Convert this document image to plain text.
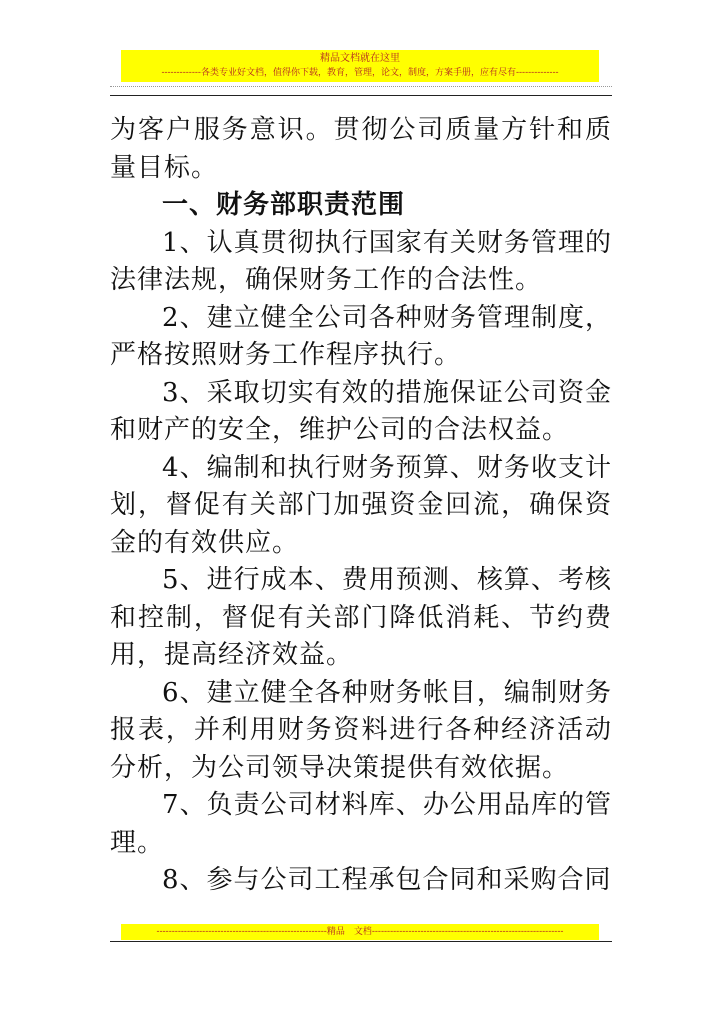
精品文档就在这里
-------------各类专业好文档，值得你下载，教育，管理，论文，制度，方案手册，应有尽有--------------

为客户服务意识。贯彻公司质量方针和质量目标。

一、财务部职责范围

1、认真贯彻执行国家有关财务管理的法律法规，确保财务工作的合法性。

2、建立健全公司各种财务管理制度，严格按照财务工作程序执行。

3、采取切实有效的措施保证公司资金和财产的安全，维护公司的合法权益。

4、编制和执行财务预算、财务收支计划，督促有关部门加强资金回流，确保资金的有效供应。

5、进行成本、费用预测、核算、考核和控制，督促有关部门降低消耗、节约费用，提高经济效益。

6、建立健全各种财务帐目，编制财务报表，并利用财务资料进行各种经济活动分析，为公司领导决策提供有效依据。

7、负责公司材料库、办公用品库的管理。

8、参与公司工程承包合同和采购合同

--------------------------------------------------------精品　文档---------------------------------------------------------------
